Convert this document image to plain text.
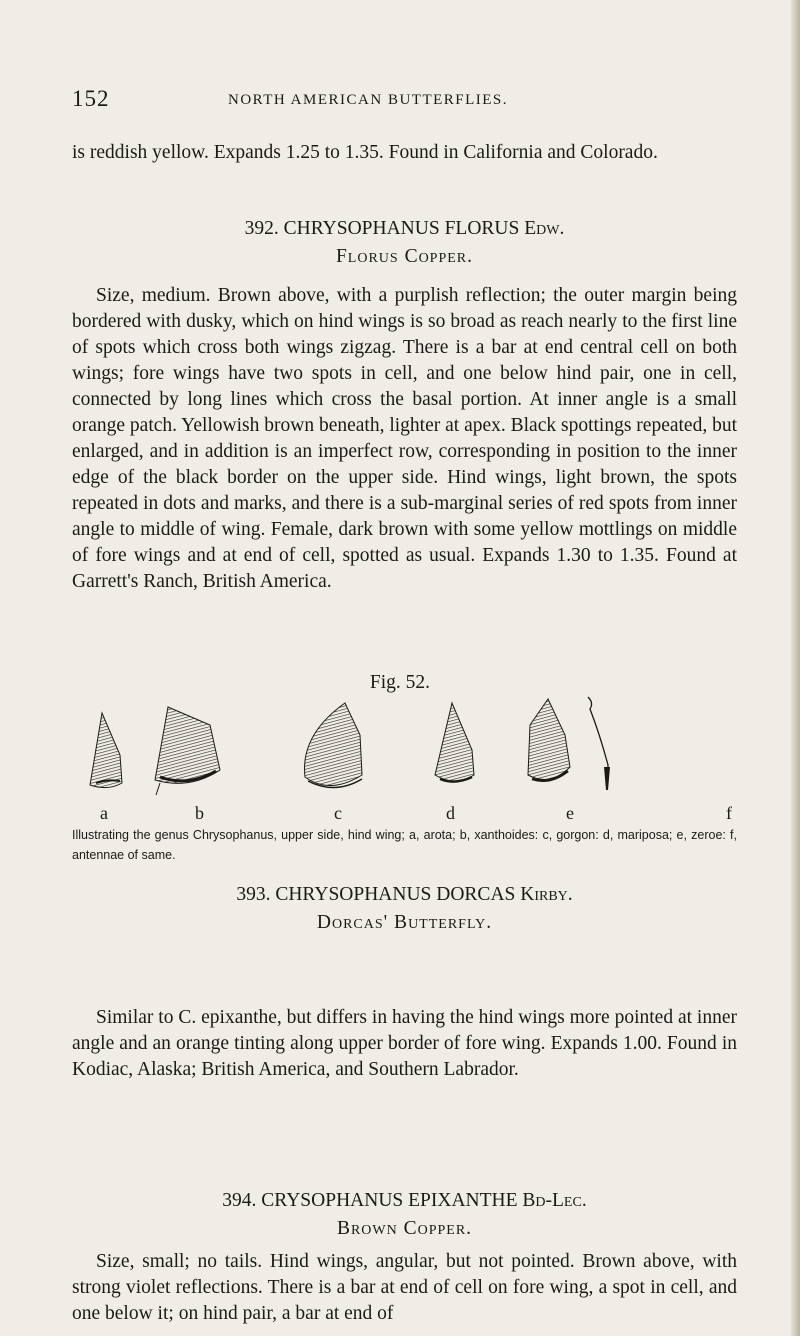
152	NORTH AMERICAN BUTTERFLIES.
is reddish yellow. Expands 1.25 to 1.35. Found in California and Colorado.
392. CHRYSOPHANUS FLORUS Edw.
Florus Copper.
Size, medium. Brown above, with a purplish reflection; the outer margin being bordered with dusky, which on hind wings is so broad as reach nearly to the first line of spots which cross both wings zigzag. There is a bar at end central cell on both wings; fore wings have two spots in cell, and one below hind pair, one in cell, connected by long lines which cross the basal portion. At inner angle is a small orange patch. Yellowish brown beneath, lighter at apex. Black spottings repeated, but enlarged, and in addition is an imperfect row, corresponding in position to the inner edge of the black border on the upper side. Hind wings, light brown, the spots repeated in dots and marks, and there is a sub-marginal series of red spots from inner angle to middle of wing. Female, dark brown with some yellow mottlings on middle of fore wings and at end of cell, spotted as usual. Expands 1.30 to 1.35. Found at Garrett's Ranch, British America.
Fig. 52.
a	b	c	d	e	f
Illustrating the genus Chrysophanus, upper side, hind wing; a, arota; b, xanthoides: c, gorgon: d, mariposa; e, zeroe: f, antennae of same.
393. CHRYSOPHANUS DORCAS Kirby.
Dorcas' Butterfly.
Similar to C. epixanthe, but differs in having the hind wings more pointed at inner angle and an orange tinting along upper border of fore wing. Expands 1.00. Found in Kodiac, Alaska; British America, and Southern Labrador.
394. CRYSOPHANUS EPIXANTHE Bd-Lec.
Brown Copper.
Size, small; no tails. Hind wings, angular, but not pointed. Brown above, with strong violet reflections. There is a bar at end of cell on fore wing, a spot in cell, and one below it; on hind pair, a bar at end of
